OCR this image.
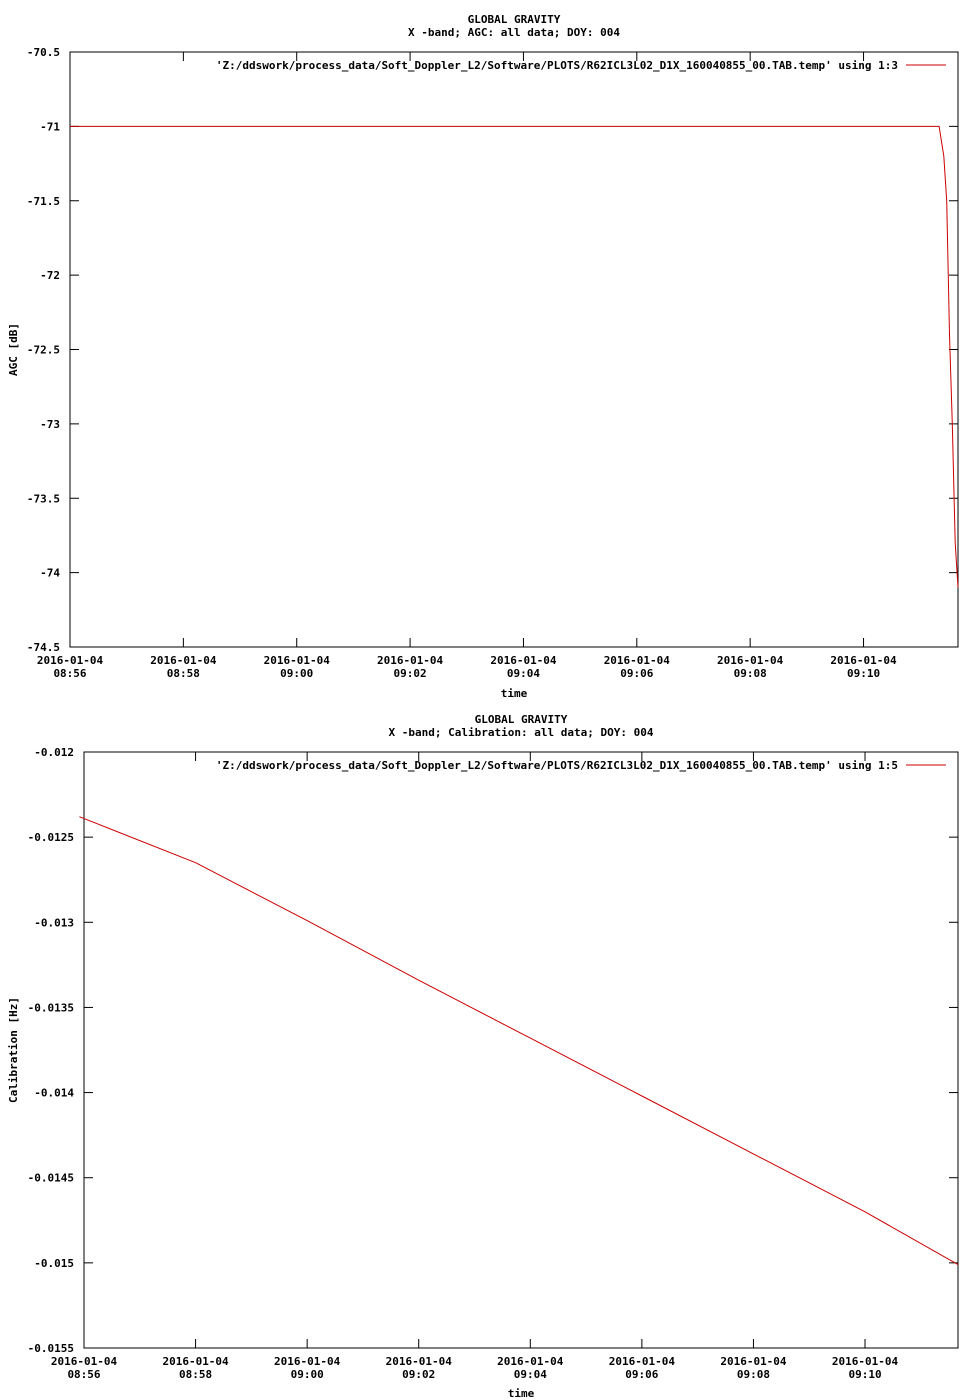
GLOBAL GRAVITY
X -band; AGC: all data; DOY: 004
-74.5
-74
-73.5
-73
-72.5
-72
-71.5
-71
-70.5
2016-01-04
08:56
2016-01-04
08:58
2016-01-04
09:00
2016-01-04
09:02
2016-01-04
09:04
2016-01-04
09:06
2016-01-04
09:08
2016-01-04
09:10
time
AGC [dB]
'Z:/ddswork/process_data/Soft_Doppler_L2/Software/PLOTS/R62ICL3L02_D1X_160040855_00.TAB.temp' using 1:3
GLOBAL GRAVITY
X -band; Calibration: all data; DOY: 004
-0.0155
-0.015
-0.0145
-0.014
-0.0135
-0.013
-0.0125
-0.012
2016-01-04
08:56
2016-01-04
08:58
2016-01-04
09:00
2016-01-04
09:02
2016-01-04
09:04
2016-01-04
09:06
2016-01-04
09:08
2016-01-04
09:10
time
Calibration [Hz]
'Z:/ddswork/process_data/Soft_Doppler_L2/Software/PLOTS/R62ICL3L02_D1X_160040855_00.TAB.temp' using 1:5
